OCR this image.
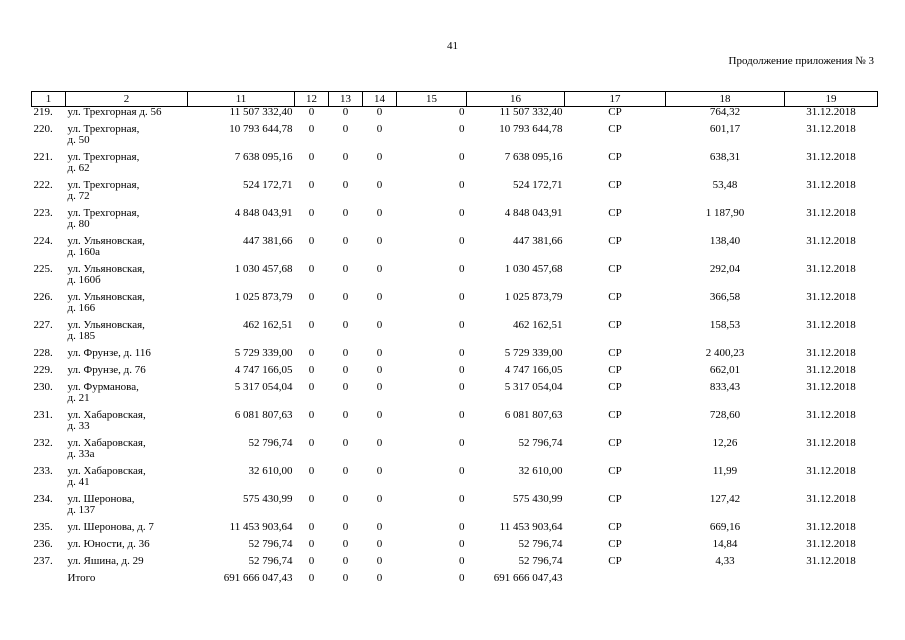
41
Продолжение приложения № 3
1	2	11	12	13	14	15	16	17	18	19
219.	ул. Трехгорная д. 56	11 507 332,40	0	0	0	0	11 507 332,40	СР	764,32	31.12.2018
220.	ул. Трехгорная,
д. 50	10 793 644,78	0	0	0	0	10 793 644,78	СР	601,17	31.12.2018
221.	ул. Трехгорная,
д. 62	7 638 095,16	0	0	0	0	7 638 095,16	СР	638,31	31.12.2018
222.	ул. Трехгорная,
д. 72	524 172,71	0	0	0	0	524 172,71	СР	53,48	31.12.2018
223.	ул. Трехгорная,
д. 80	4 848 043,91	0	0	0	0	4 848 043,91	СР	1 187,90	31.12.2018
224.	ул. Ульяновская,
д. 160а	447 381,66	0	0	0	0	447 381,66	СР	138,40	31.12.2018
225.	ул. Ульяновская,
д. 160б	1 030 457,68	0	0	0	0	1 030 457,68	СР	292,04	31.12.2018
226.	ул. Ульяновская,
д. 166	1 025 873,79	0	0	0	0	1 025 873,79	СР	366,58	31.12.2018
227.	ул. Ульяновская,
д. 185	462 162,51	0	0	0	0	462 162,51	СР	158,53	31.12.2018
228.	ул. Фрунзе, д. 116	5 729 339,00	0	0	0	0	5 729 339,00	СР	2 400,23	31.12.2018
229.	ул. Фрунзе, д. 76	4 747 166,05	0	0	0	0	4 747 166,05	СР	662,01	31.12.2018
230.	ул. Фурманова,
д. 21	5 317 054,04	0	0	0	0	5 317 054,04	СР	833,43	31.12.2018
231.	ул. Хабаровская,
д. 33	6 081 807,63	0	0	0	0	6 081 807,63	СР	728,60	31.12.2018
232.	ул. Хабаровская,
д. 33а	52 796,74	0	0	0	0	52 796,74	СР	12,26	31.12.2018
233.	ул. Хабаровская,
д. 41	32 610,00	0	0	0	0	32 610,00	СР	11,99	31.12.2018
234.	ул. Шеронова,
д. 137	575 430,99	0	0	0	0	575 430,99	СР	127,42	31.12.2018
235.	ул. Шеронова, д. 7	11 453 903,64	0	0	0	0	11 453 903,64	СР	669,16	31.12.2018
236.	ул. Юности, д. 36	52 796,74	0	0	0	0	52 796,74	СР	14,84	31.12.2018
237.	ул. Яшина, д. 29	52 796,74	0	0	0	0	52 796,74	СР	4,33	31.12.2018
	Итого	691 666 047,43	0	0	0	0	691 666 047,43			
